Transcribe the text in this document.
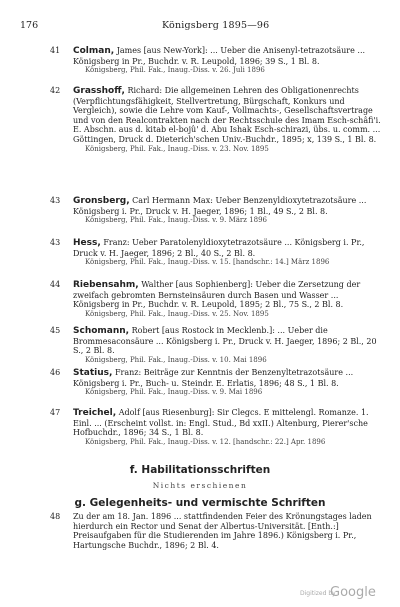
176	Königsberg 1895—96
41 Colman, James [aus New-York]: ... Ueber die Anisenyl-tetrazotsäure ... Königsberg in Pr., Buchdr. v. R. Leupold, 1896; 39 S., 1 Bl. 8.
Königsberg, Phil. Fak., Inaug.-Diss. v. 26. Juli 1896
42 Grasshoff, Richard: Die allgemeinen Lehren des Obligationenrechts (Verpflichtungsfähigkeit, Stellvertretung, Bürgschaft, Konkurs und Vergleich), sowie die Lehre vom Kauf-, Vollmachts-, Gesellschaftsvertrage und von den Realcontrakten nach der Rechtsschule des Imam Esch-schâfi'i. E. Abschn. aus d. kitab el-bojû' d. Abu Ishak Esch-schirazi, übs. u. comm. ... Göttingen, Druck d. Dieterich'schen Univ.-Buchdr., 1895; x, 139 S., 1 Bl. 8.
Königsberg, Phil. Fak., Inaug.-Diss. v. 23. Nov. 1895
43 Gronsberg, Carl Hermann Max: Ueber Benzenyldioxytetrazotsäure ... Königsberg i. Pr., Druck v. H. Jaeger, 1896; 1 Bl., 49 S., 2 Bl. 8.
Königsberg, Phil. Fak., Inaug.-Diss. v. 9. März 1896
43 Hess, Franz: Ueber Paratolenyldioxytetrazotsäure ... Königsberg i. Pr., Druck v. H. Jaeger, 1896; 2 Bl., 40 S., 2 Bl. 8.
Königsberg, Phil. Fak., Inaug.-Diss. v. 15. [handschr.: 14.] März 1896
44 Riebensahm, Walther [aus Sophienberg]: Ueber die Zersetzung der zweifach gebromten Bernsteinsäuren durch Basen und Wasser ... Königsberg in Pr., Buchdr. v. R. Leupold, 1895; 2 Bl., 75 S., 2 Bl. 8.
Königsberg, Phil. Fak., Inaug.-Diss. v. 25. Nov. 1895
45 Schomann, Robert [aus Rostock in Mecklenb.]: ... Ueber die Brommesaconsäure ... Königsberg i. Pr., Druck v. H. Jaeger, 1896; 2 Bl., 20 S., 2 Bl. 8.
Königsberg, Phil. Fak., Inaug.-Diss. v. 10. Mai 1896
46 Statius, Franz: Beiträge zur Kenntnis der Benzenyltetrazotsäure ... Königsberg i. Pr., Buch- u. Steindr. E. Erlatis, 1896; 48 S., 1 Bl. 8.
Königsberg, Phil. Fak., Inaug.-Diss. v. 9. Mai 1896
47 Treichel, Adolf [aus Riesenburg]: Sir Clegcs. E mittelengl. Romanze. 1. Einl. ... (Erscheint vollst. in: Engl. Stud., Bd xxII.) Altenburg, Pierer'sche Hofbuchdr., 1896; 34 S., 1 Bl. 8.
Königsberg, Phil. Fak., Inaug.-Diss. v. 12. [handschr.: 22.] Apr. 1896
f. Habilitationsschriften
Nichts erschienen
g. Gelegenheits- und vermischte Schriften
48 Zu der am 18. Jan. 1896 ... stattfindenden Feier des Krönungstages laden hierdurch ein Rector und Senat der Albertus-Universität. [Enth.:] Preisaufgaben für die Studierenden im Jahre 1896.) Königsberg i. Pr., Hartungsche Buchdr., 1896; 2 Bl. 4.
Digitized by
Google
